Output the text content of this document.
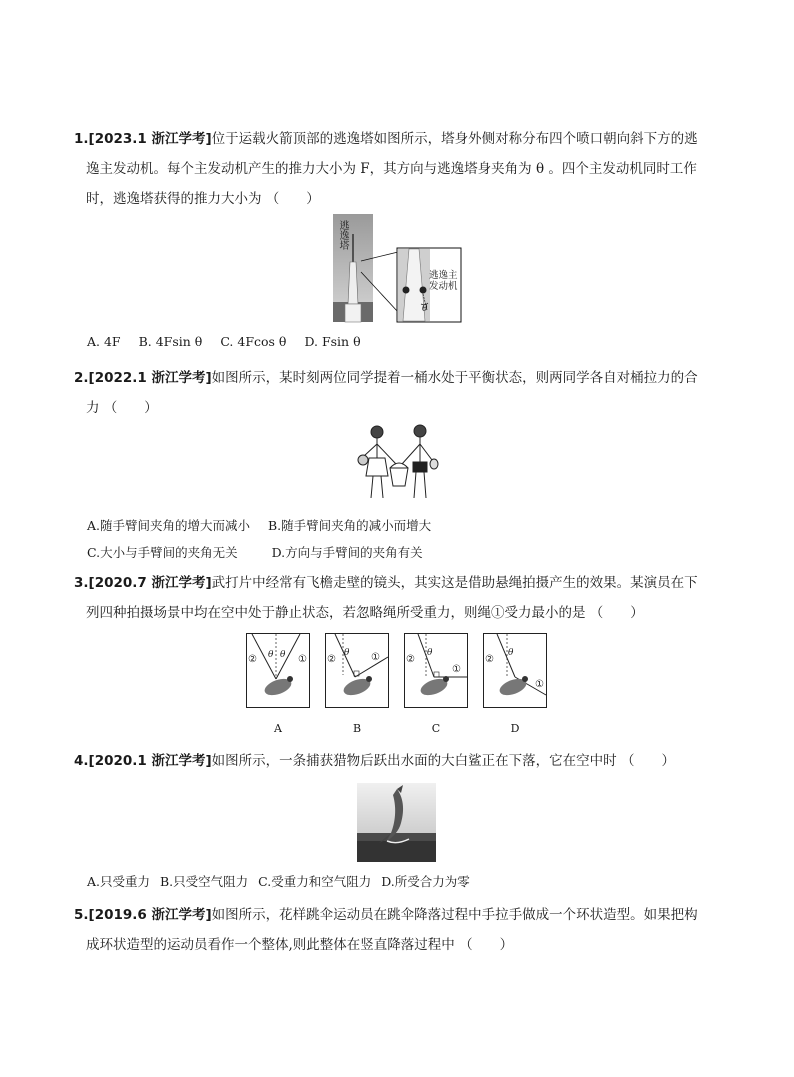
1.[2023.1 浙江学考]位于运载火箭顶部的逃逸塔如图所示，塔身外侧对称分布四个喷口朝向斜下方的逃
逸主发动机。每个主发动机产生的推力大小为 F，其方向与逃逸塔身夹角为 θ 。四个主发动机同时工作
时，逃逸塔获得的推力大小为 （　　）
逃逸塔
逃逸主
发动机
θ
A. 4F B. 4Fsin θ C. 4Fcos θ D. Fsin θ
2.[2022.1 浙江学考]如图所示，某时刻两位同学提着一桶水处于平衡状态，则两同学各自对桶拉力的合
力 （　　）
A.随手臂间夹角的增大而减小 B.随手臂间夹角的减小而增大
C.大小与手臂间的夹角无关	D.方向与手臂间的夹角有关
3.[2020.7 浙江学考]武打片中经常有飞檐走壁的镜头，其实这是借助悬绳拍摄产生的效果。某演员在下
列四种拍摄场景中均在空中处于静止状态，若忽略绳所受重力，则绳①受力最小的是 （　　）
②	①
θ θ
A
②	①
θ
B
②
①
θ
C
②
①
θ
D
4.[2020.1 浙江学考]如图所示，一条捕获猎物后跃出水面的大白鲨正在下落，它在空中时 （　　）
A.只受重力 B.只受空气阻力 C.受重力和空气阻力 D.所受合力为零
5.[2019.6 浙江学考]如图所示，花样跳伞运动员在跳伞降落过程中手拉手做成一个环状造型。如果把构
成环状造型的运动员看作一个整体,则此整体在竖直降落过程中 （　　）
